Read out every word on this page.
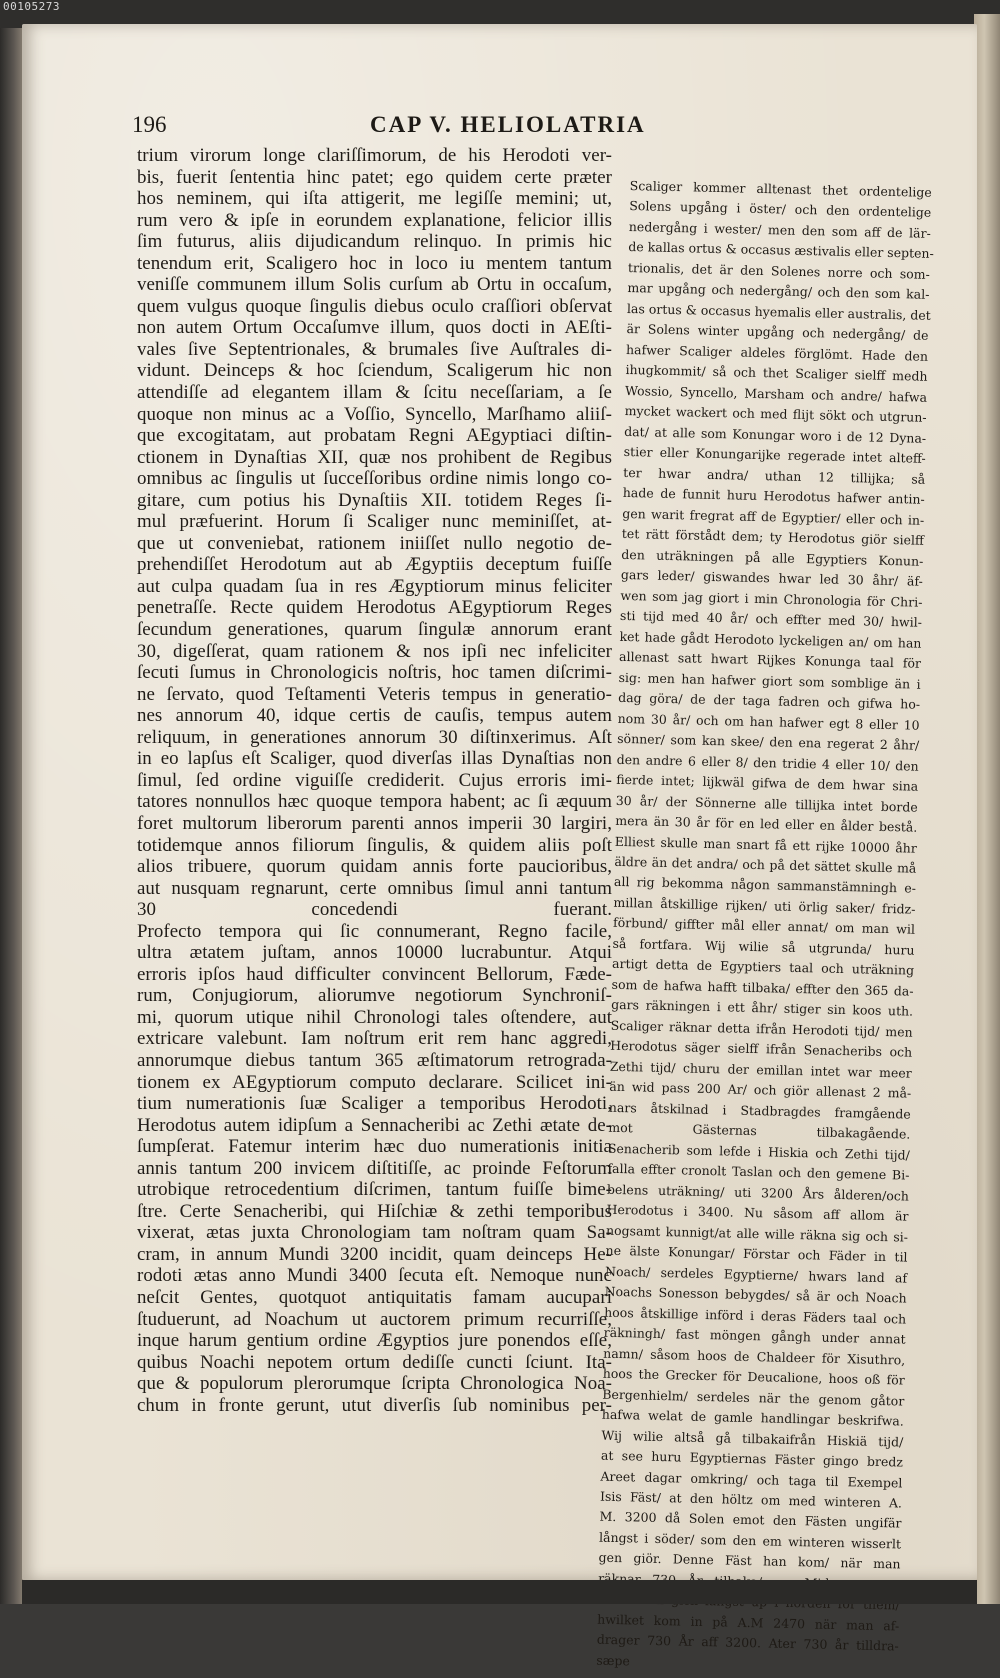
00105273
196	CAP V. HELIOLATRIA
trium virorum longe clariſſimorum, de his Herodoti ver-
bis, fuerit ſententia hinc patet; ego quidem certe præter
hos neminem, qui iſta attigerit, me legiſſe memini; ut,
rum vero & ipſe in eorundem explanatione, felicior illis
ſim futurus, aliis dijudicandum relinquo. In primis hic
tenendum erit, Scaligero hoc in loco iu mentem tantum
veniſſe communem illum Solis curſum ab Ortu in occaſum,
quem vulgus quoque ſingulis diebus oculo craſſiori obſervat
non autem Ortum Occaſumve illum, quos docti in AEſti-
vales ſive Septentrionales, & brumales ſive Auſtrales di-
vidunt. Deinceps & hoc ſciendum, Scaligerum hic non
attendiſſe ad elegantem illam & ſcitu neceſſariam, a ſe
quoque non minus ac a Voſſio, Syncello, Marſhamo aliiſ-
que excogitatam, aut probatam Regni AEgyptiaci diſtin-
ctionem in Dynaſtias XII, quæ nos prohibent de Regibus
omnibus ac ſingulis ut ſucceſſoribus ordine nimis longo co-
gitare, cum potius his Dynaſtiis XII. totidem Reges ſi-
mul præfuerint. Horum ſi Scaliger nunc meminiſſet, at-
que ut conveniebat, rationem iniiſſet nullo negotio de-
prehendiſſet Herodotum aut ab Ægyptiis deceptum fuiſſe
aut culpa quadam ſua in res Ægyptiorum minus feliciter
penetraſſe. Recte quidem Herodotus AEgyptiorum Reges
ſecundum generationes, quarum ſingulæ annorum erant
30, digeſſerat, quam rationem & nos ipſi nec infeliciter
ſecuti ſumus in Chronologicis noſtris, hoc tamen diſcrimi-
ne ſervato, quod Teſtamenti Veteris tempus in generatio-
nes annorum 40, idque certis de cauſis, tempus autem
reliquum, in generationes annorum 30 diſtinxerimus. Aſt
in eo lapſus eſt Scaliger, quod diverſas illas Dynaſtias non
ſimul, ſed ordine viguiſſe crediderit. Cujus erroris imi-
tatores nonnullos hæc quoque tempora habent; ac ſi æquum
foret multorum liberorum parenti annos imperii 30 largiri,
totidemque annos filiorum ſingulis, & quidem aliis poſt
alios tribuere, quorum quidam annis forte paucioribus,
aut nusquam regnarunt, certe omnibus ſimul anni tantum
30 concedendi fuerant.
Profecto tempora qui ſic connumerant, Regno facile,
ultra ætatem juſtam, annos 10000 lucrabuntur. Atqui
erroris ipſos haud difficulter convincent Bellorum, Fæde-
rum, Conjugiorum, aliorumve negotiorum Synchroniſ-
mi, quorum utique nihil Chronologi tales oſtendere, aut
extricare valebunt. Iam noſtrum erit rem hanc aggredi,
annorumque diebus tantum 365 æſtimatorum retrograda-
tionem ex AEgyptiorum computo declarare. Scilicet ini-
tium numerationis ſuæ Scaliger a temporibus Herodoti,
Herodotus autem idipſum a Sennacheribi ac Zethi ætate de-
ſumpſerat. Fatemur interim hæc duo numerationis initia
annis tantum 200 invicem diſtitiſſe, ac proinde Feſtorum
utrobique retrocedentium diſcrimen, tantum fuiſſe bime-
ſtre. Certe Senacheribi, qui Hiſchiæ & zethi temporibus
vixerat, ætas juxta Chronologiam tam noſtram quam Sa-
cram, in annum Mundi 3200 incidit, quam deinceps He-
rodoti ætas anno Mundi 3400 ſecuta eſt. Nemoque nunc
neſcit Gentes, quotquot antiquitatis famam aucupari
ſtuduerunt, ad Noachum ut auctorem primum recurriſſe,
inque harum gentium ordine Ægyptios jure ponendos eſſe,
quibus Noachi nepotem ortum dediſſe cuncti ſciunt. Ita-
que & populorum plerorumque ſcripta Chronologica Noa-
chum in fronte gerunt, utut diverſis ſub nominibus per-
Scaliger kommer alltenast thet ordentelige
Solens upgång i öster/ och den ordentelige
nedergång i wester/ men den som aff de lär-
de kallas ortus & occasus æstivalis eller septen-
trionalis, det är den Solenes norre och som-
mar upgång och nedergång/ och den som kal-
las ortus & occasus hyemalis eller australis, det
är Solens winter upgång och nedergång/ de
hafwer Scaliger aldeles förglömt. Hade den
ihugkommit/ så och thet Scaliger sielff medh
Wossio, Syncello, Marsham och andre/ hafwa
mycket wackert och med flijt sökt och utgrun-
dat/ at alle som Konungar woro i de 12 Dyna-
stier eller Konungarijke regerade intet alteff-
ter hwar andra/ uthan 12 tillijka; så
hade de funnit huru Herodotus hafwer antin-
gen warit fregrat aff de Egyptier/ eller och in-
tet rätt förstådt dem; ty Herodotus giör sielff
den uträkningen på alle Egyptiers Konun-
gars leder/ giswandes hwar led 30 åhr/ äf-
wen som jag giort i min Chronologia för Chri-
sti tijd med 40 år/ och effter med 30/ hwil-
ket hade gådt Herodoto lyckeligen an/ om han
allenast satt hwart Rijkes Konunga taal för
sig: men han hafwer giort som somblige än i
dag göra/ de der taga fadren och gifwa ho-
nom 30 år/ och om han hafwer egt 8 eller 10
sönner/ som kan skee/ den ena regerat 2 åhr/
den andre 6 eller 8/ den tridie 4 eller 10/ den
fierde intet; lijkwäl gifwa de dem hwar sina
30 år/ der Sönnerne alle tillijka intet borde
mera än 30 år för en led eller en ålder bestå.
Elliest skulle man snart få ett rijke 10000 åhr
äldre än det andra/ och på det sättet skulle må
all rig bekomma någon sammanstämningh e-
millan åtskillige rijken/ uti örlig saker/ fridz-
förbund/ giffter mål eller annat/ om man wil
så fortfara. Wij wilie så utgrunda/ huru
artigt detta de Egyptiers taal och uträkning
som de hafwa hafft tilbaka/ effter den 365 da-
gars räkningen i ett åhr/ stiger sin koos uth.
Scaliger räknar detta ifrån Herodoti tijd/ men
Herodotus säger sielff ifrån Senacheribs och
Zethi tijd/ churu der emillan intet war meer
än wid pass 200 Ar/ och giör allenast 2 må-
nars åtskilnad i Stadbragdes framgående
mot Gästernas tilbakagående.
Senacherib som lefde i Hiskia och Zethi tijd/
falla effter cronolt Taslan och den gemene Bi-
belens uträkning/ uti 3200 Års ålderen/och
Herodotus i 3400. Nu såsom aff allom är
nogsamt kunnigt/at alle wille räkna sig och si-
ne älste Konungar/ Förstar och Fäder in til
Noach/ serdeles Egyptierne/ hwars land af
Noachs Sonesson bebygdes/ så är och Noach
hoos åtskillige införd i deras Fäders taal och
räkningh/ fast möngen gångh under annat
namn/ såsom hoos de Chaldeer för Xisuthro,
hoos the Grecker för Deucalione, hoos oß för
Bergenhielm/ serdeles när the genom gåtor
hafwa welat de gamle handlingar beskrifwa.
Wij wilie altså gå tilbakaifrån Hiskiä tijd/
at see huru Egyptiernas Fäster gingo bredz
Areet dagar omkring/ och taga til Exempel
Isis Fäst/ at den höltz om med winteren A.
M. 3200 då Solen emot den Fästen ungifär
långst i söder/ som den em winteren wisserlt
gen giör. Denne Fäst han kom/ när man
hwilket kom in på A.M 2470 när man af-
drager 730 År aff 3200. Ater 730 år tilldra-
sæpe
